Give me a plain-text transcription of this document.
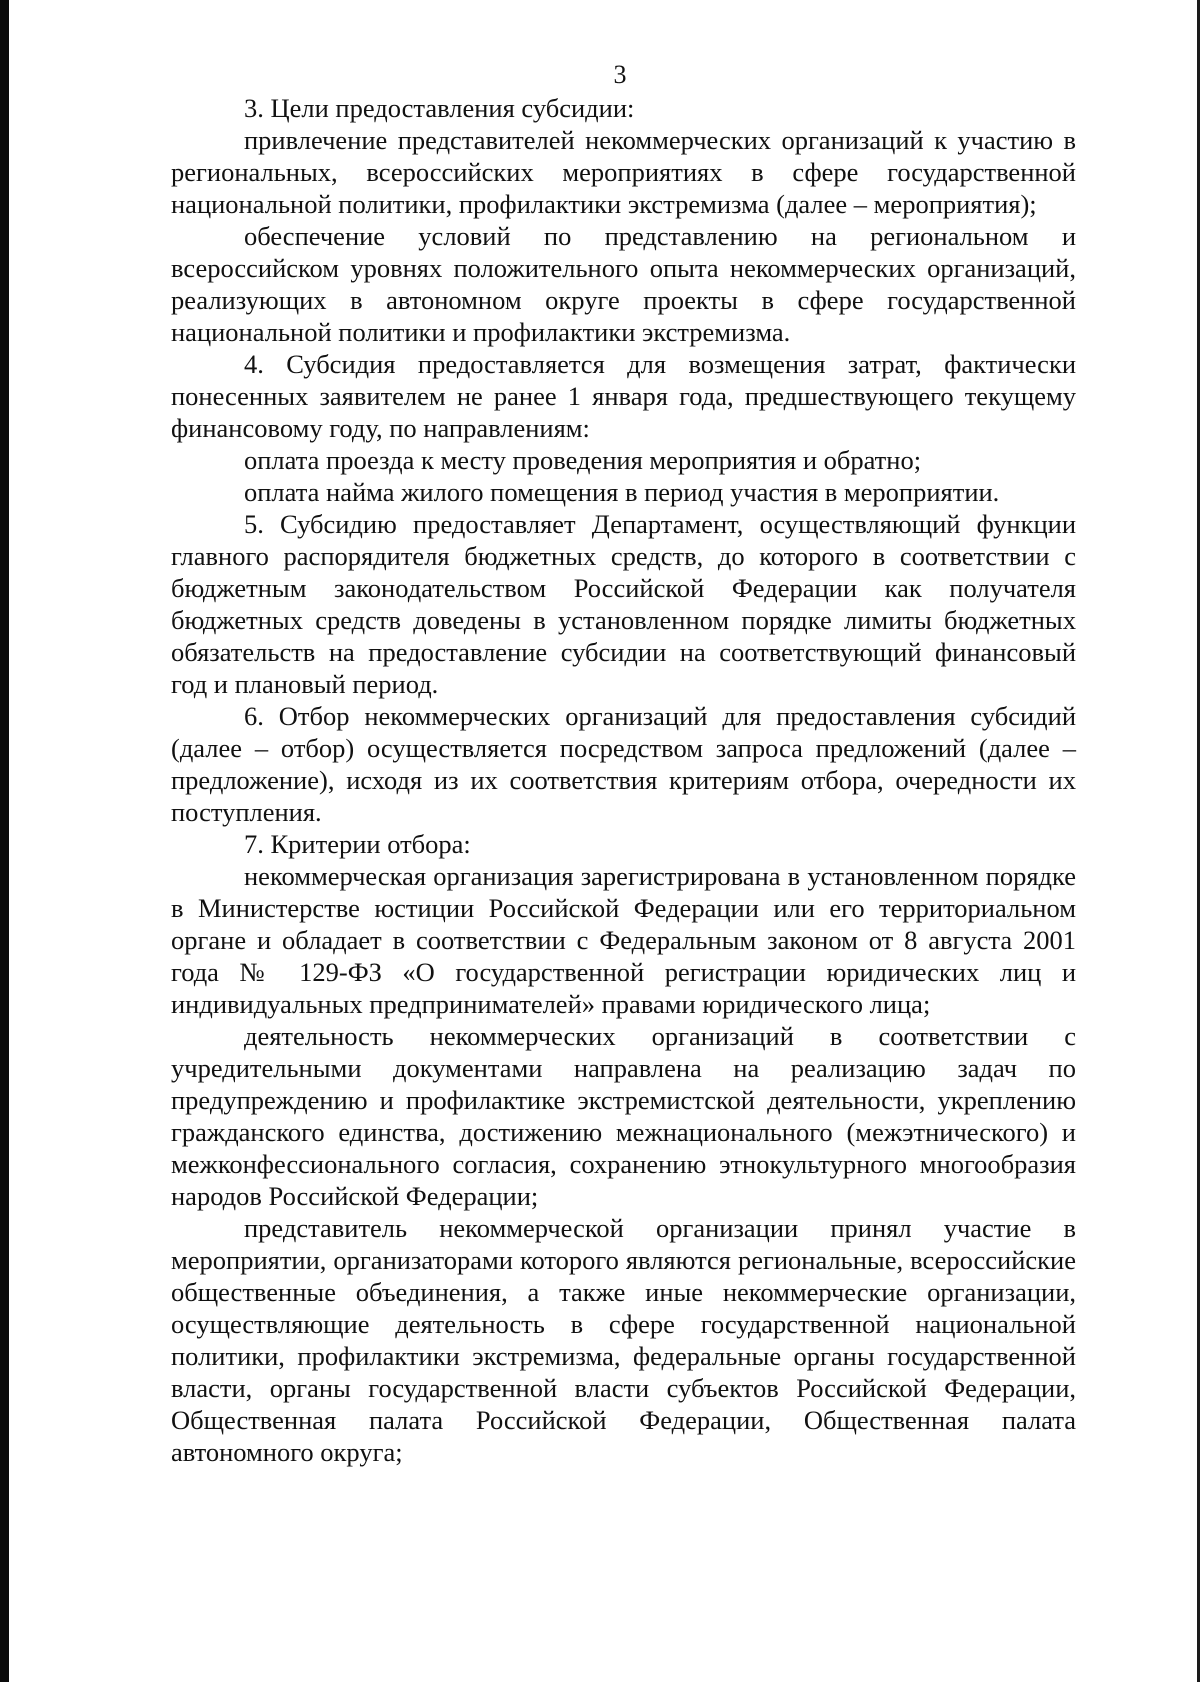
3

3. Цели предоставления субсидии:

привлечение представителей некоммерческих организаций к участию в региональных, всероссийских мероприятиях в сфере государственной национальной политики, профилактики экстремизма (далее – мероприятия);

обеспечение условий по представлению на региональном и всероссийском уровнях положительного опыта некоммерческих организаций, реализующих в автономном округе проекты в сфере государственной национальной политики и профилактики экстремизма.

4. Субсидия предоставляется для возмещения затрат, фактически понесенных заявителем не ранее 1 января года, предшествующего текущему финансовому году, по направлениям:

оплата проезда к месту проведения мероприятия и обратно;

оплата найма жилого помещения в период участия в мероприятии.

5. Субсидию предоставляет Департамент, осуществляющий функции главного распорядителя бюджетных средств, до которого в соответствии с бюджетным законодательством Российской Федерации как получателя бюджетных средств доведены в установленном порядке лимиты бюджетных обязательств на предоставление субсидии на соответствующий финансовый год и плановый период.

6. Отбор некоммерческих организаций для предоставления субсидий (далее – отбор) осуществляется посредством запроса предложений (далее – предложение), исходя из их соответствия критериям отбора, очередности их поступления.

7. Критерии отбора:

некоммерческая организация зарегистрирована в установленном порядке в Министерстве юстиции Российской Федерации или его территориальном органе и обладает в соответствии с Федеральным законом от 8 августа 2001 года № 129-ФЗ «О государственной регистрации юридических лиц и индивидуальных предпринимателей» правами юридического лица;

деятельность некоммерческих организаций в соответствии с учредительными документами направлена на реализацию задач по предупреждению и профилактике экстремистской деятельности, укреплению гражданского единства, достижению межнационального (межэтнического) и межконфессионального согласия, сохранению этнокультурного многообразия народов Российской Федерации;

представитель некоммерческой организации принял участие в мероприятии, организаторами которого являются региональные, всероссийские общественные объединения, а также иные некоммерческие организации, осуществляющие деятельность в сфере государственной национальной политики, профилактики экстремизма, федеральные органы государственной власти, органы государственной власти субъектов Российской Федерации, Общественная палата Российской Федерации, Общественная палата автономного округа;
